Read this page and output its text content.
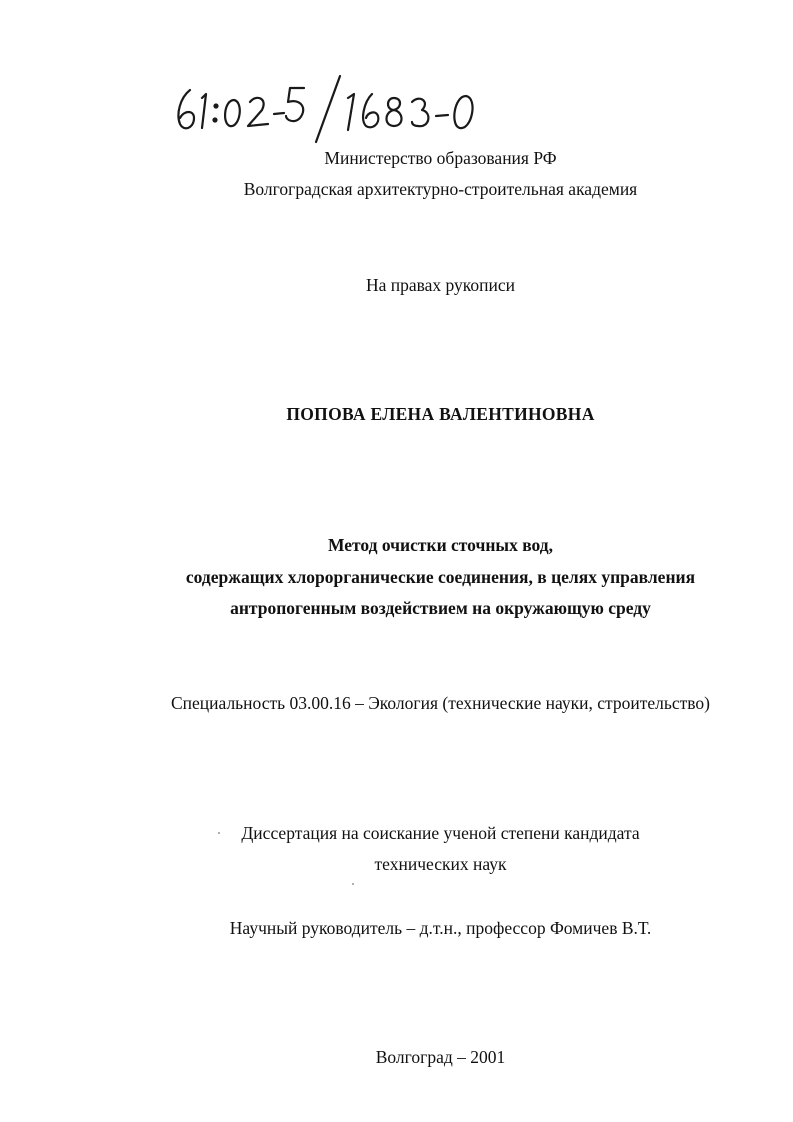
Министерство образования РФ
Волгоградская архитектурно-строительная академия
На правах рукописи
ПОПОВА ЕЛЕНА ВАЛЕНТИНОВНА
Метод очистки сточных вод,
содержащих хлорорганические соединения, в целях управления
антропогенным воздействием на окружающую среду
Специальность 03.00.16 – Экология (технические науки, строительство)
Диссертация на соискание ученой степени кандидата
технических наук
Научный руководитель – д.т.н., профессор Фомичев В.Т.
Волгоград – 2001
